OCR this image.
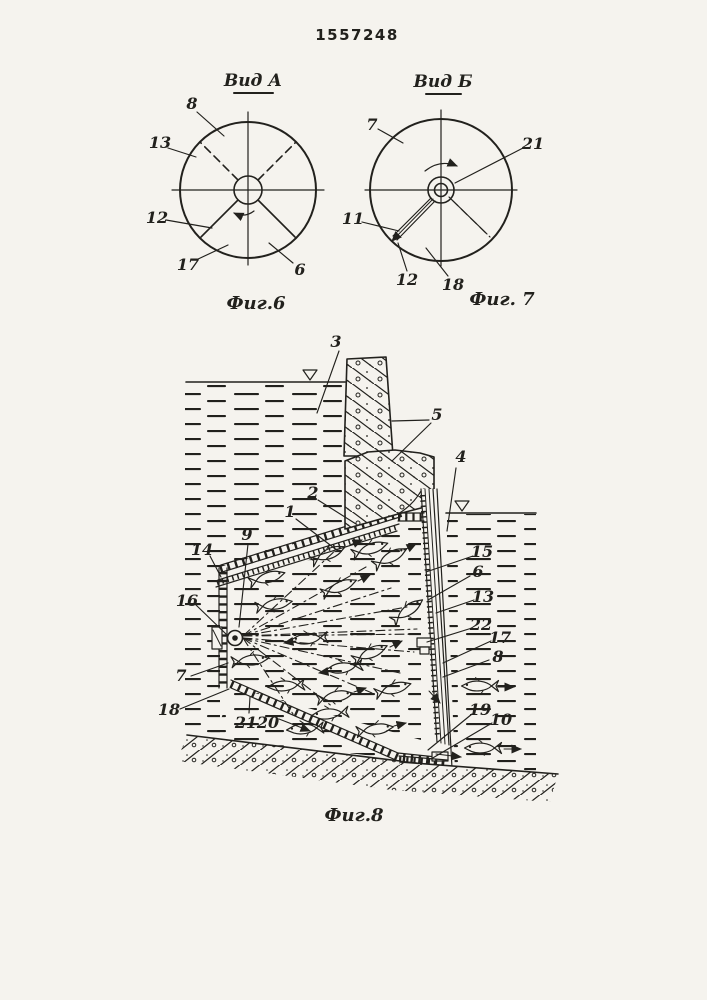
1557248
Вид А
8
13
12
17	6
Фиг.6
Вид Б
7
21
11
12 18
Фиг. 7
3
5
4
2
1
9
14
16
7
18
21 20
15
6
13
22
17
8
19
10
Фиг.8
